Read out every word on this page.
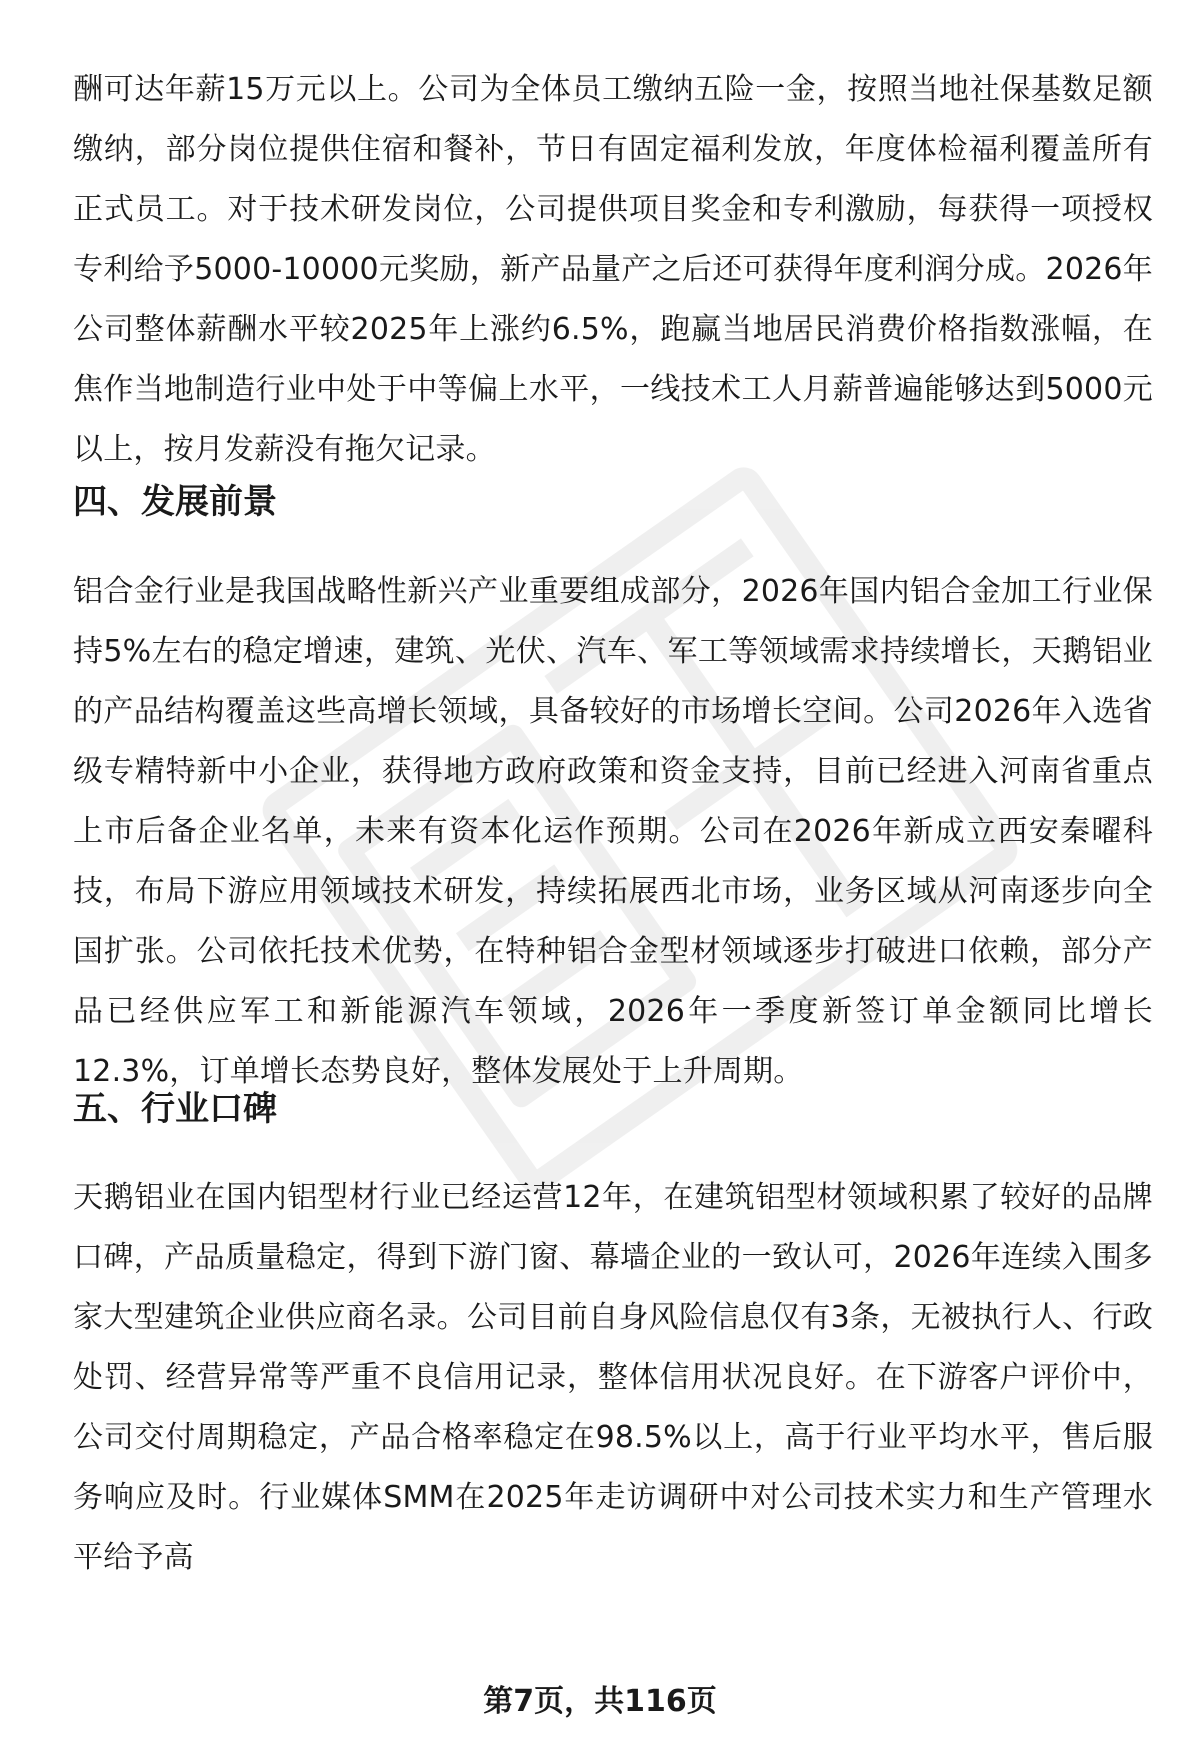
酬可达年薪15万元以上。公司为全体员工缴纳五险一金，按照当地社保基数足额缴纳，部分岗位提供住宿和餐补，节日有固定福利发放，年度体检福利覆盖所有正式员工。对于技术研发岗位，公司提供项目奖金和专利激励，每获得一项授权专利给予5000-10000元奖励，新产品量产之后还可获得年度利润分成。2026年公司整体薪酬水平较2025年上涨约6.5%，跑赢当地居民消费价格指数涨幅，在焦作当地制造行业中处于中等偏上水平，一线技术工人月薪普遍能够达到5000元以上，按月发薪没有拖欠记录。

四、发展前景

铝合金行业是我国战略性新兴产业重要组成部分，2026年国内铝合金加工行业保持5%左右的稳定增速，建筑、光伏、汽车、军工等领域需求持续增长，天鹅铝业的产品结构覆盖这些高增长领域，具备较好的市场增长空间。公司2026年入选省级专精特新中小企业，获得地方政府政策和资金支持，目前已经进入河南省重点上市后备企业名单，未来有资本化运作预期。公司在2026年新成立西安秦曜科技，布局下游应用领域技术研发，持续拓展西北市场，业务区域从河南逐步向全国扩张。公司依托技术优势，在特种铝合金型材领域逐步打破进口依赖，部分产品已经供应军工和新能源汽车领域，2026年一季度新签订单金额同比增长12.3%，订单增长态势良好，整体发展处于上升周期。

五、行业口碑

天鹅铝业在国内铝型材行业已经运营12年，在建筑铝型材领域积累了较好的品牌口碑，产品质量稳定，得到下游门窗、幕墙企业的一致认可，2026年连续入围多家大型建筑企业供应商名录。公司目前自身风险信息仅有3条，无被执行人、行政处罚、经营异常等严重不良信用记录，整体信用状况良好。在下游客户评价中，公司交付周期稳定，产品合格率稳定在98.5%以上，高于行业平均水平，售后服务响应及时。行业媒体SMM在2025年走访调研中对公司技术实力和生产管理水平给予高

第7页，共116页
